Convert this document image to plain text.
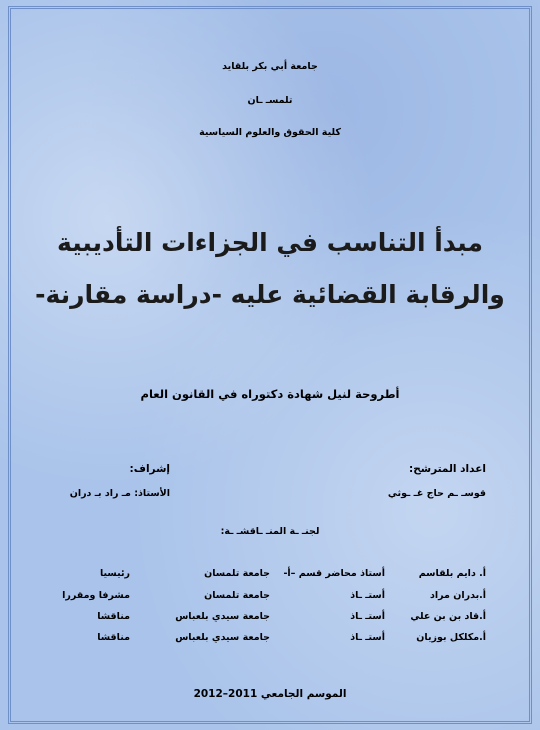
جامعة أبي بكر بلقايد
تلمسـ ـان
كلية الحقوق والعلوم السياسية
مبدأ التناسب في الجزاءات التأديبية
والرقابة القضائية عليه -دراسة مقارنة-
أطروحة لنيل شهادة دكتوراه في القانون العام
اعداد المترشح:
قوسـ ـم حاج غـ ـوثي
إشراف:
الأستاذ: مـ راد بـ دران
لجنـ ـة المنـ ـاقشـ ـة:
أ. دايم بلقاسم
أستاذ محاضر قسم –أ-
جامعة تلمسان
رئيسيا
أ.بدران مراد
أستـ ـاذ
جامعة تلمسان
مشرفا ومقررا
أ.قاد بن بن علي
أستـ ـاذ
جامعة سيدي بلعباس
مناقشا
أ.مكلكل بوزيان
أستـ ـاذ
جامعة سيدي بلعباس
مناقشا
الموسم الجامعي 2011–2012
